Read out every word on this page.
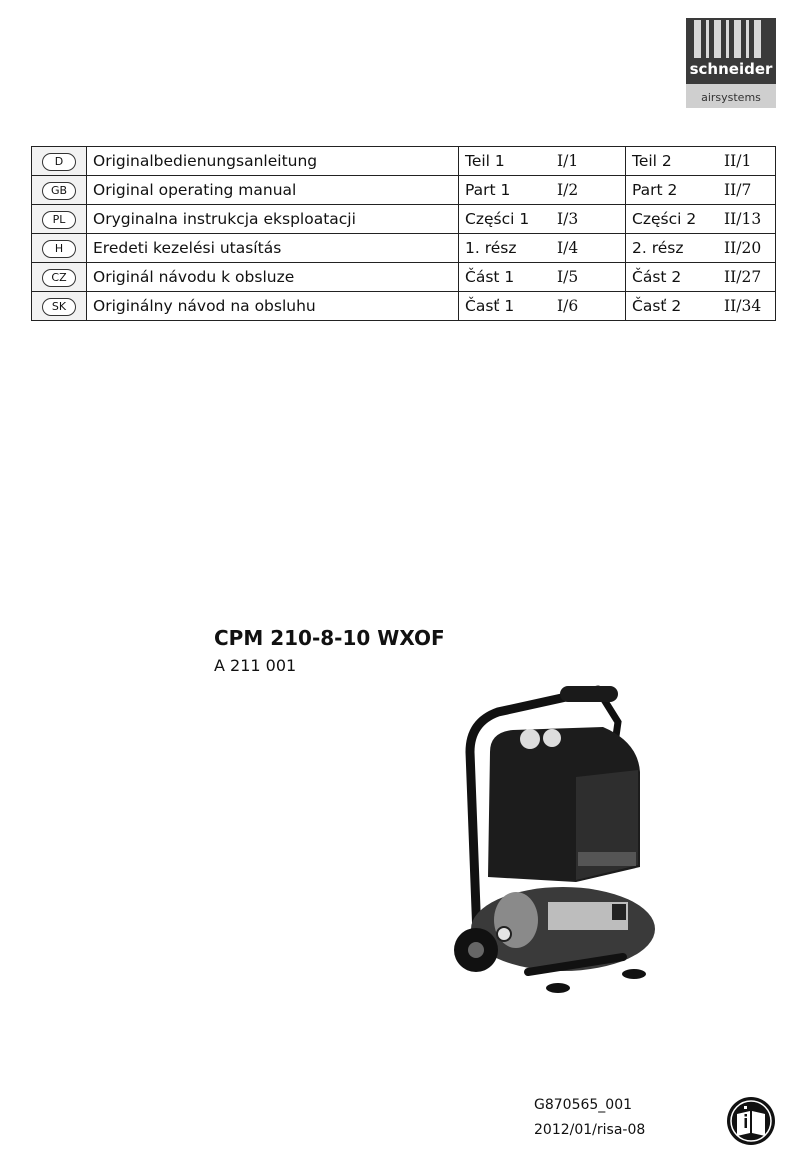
schneider
airsystems
D	Originalbedienungsanleitung	Teil 1	I/1	Teil 2	II/1
GB	Original operating manual	Part 1	I/2	Part 2	II/7
PL	Oryginalna instrukcja eksploatacji	Części 1	I/3	Części 2	II/13
H	Eredeti kezelési utasítás	1. rész	I/4	2. rész	II/20
CZ	Originál návodu k obsluze	Část 1	I/5	Část 2	II/27
SK	Originálny návod na obsluhu	Časť 1	I/6	Časť 2	II/34
CPM 210-8-10 WXOF
A 211 001
G870565_001
2012/01/risa-08
